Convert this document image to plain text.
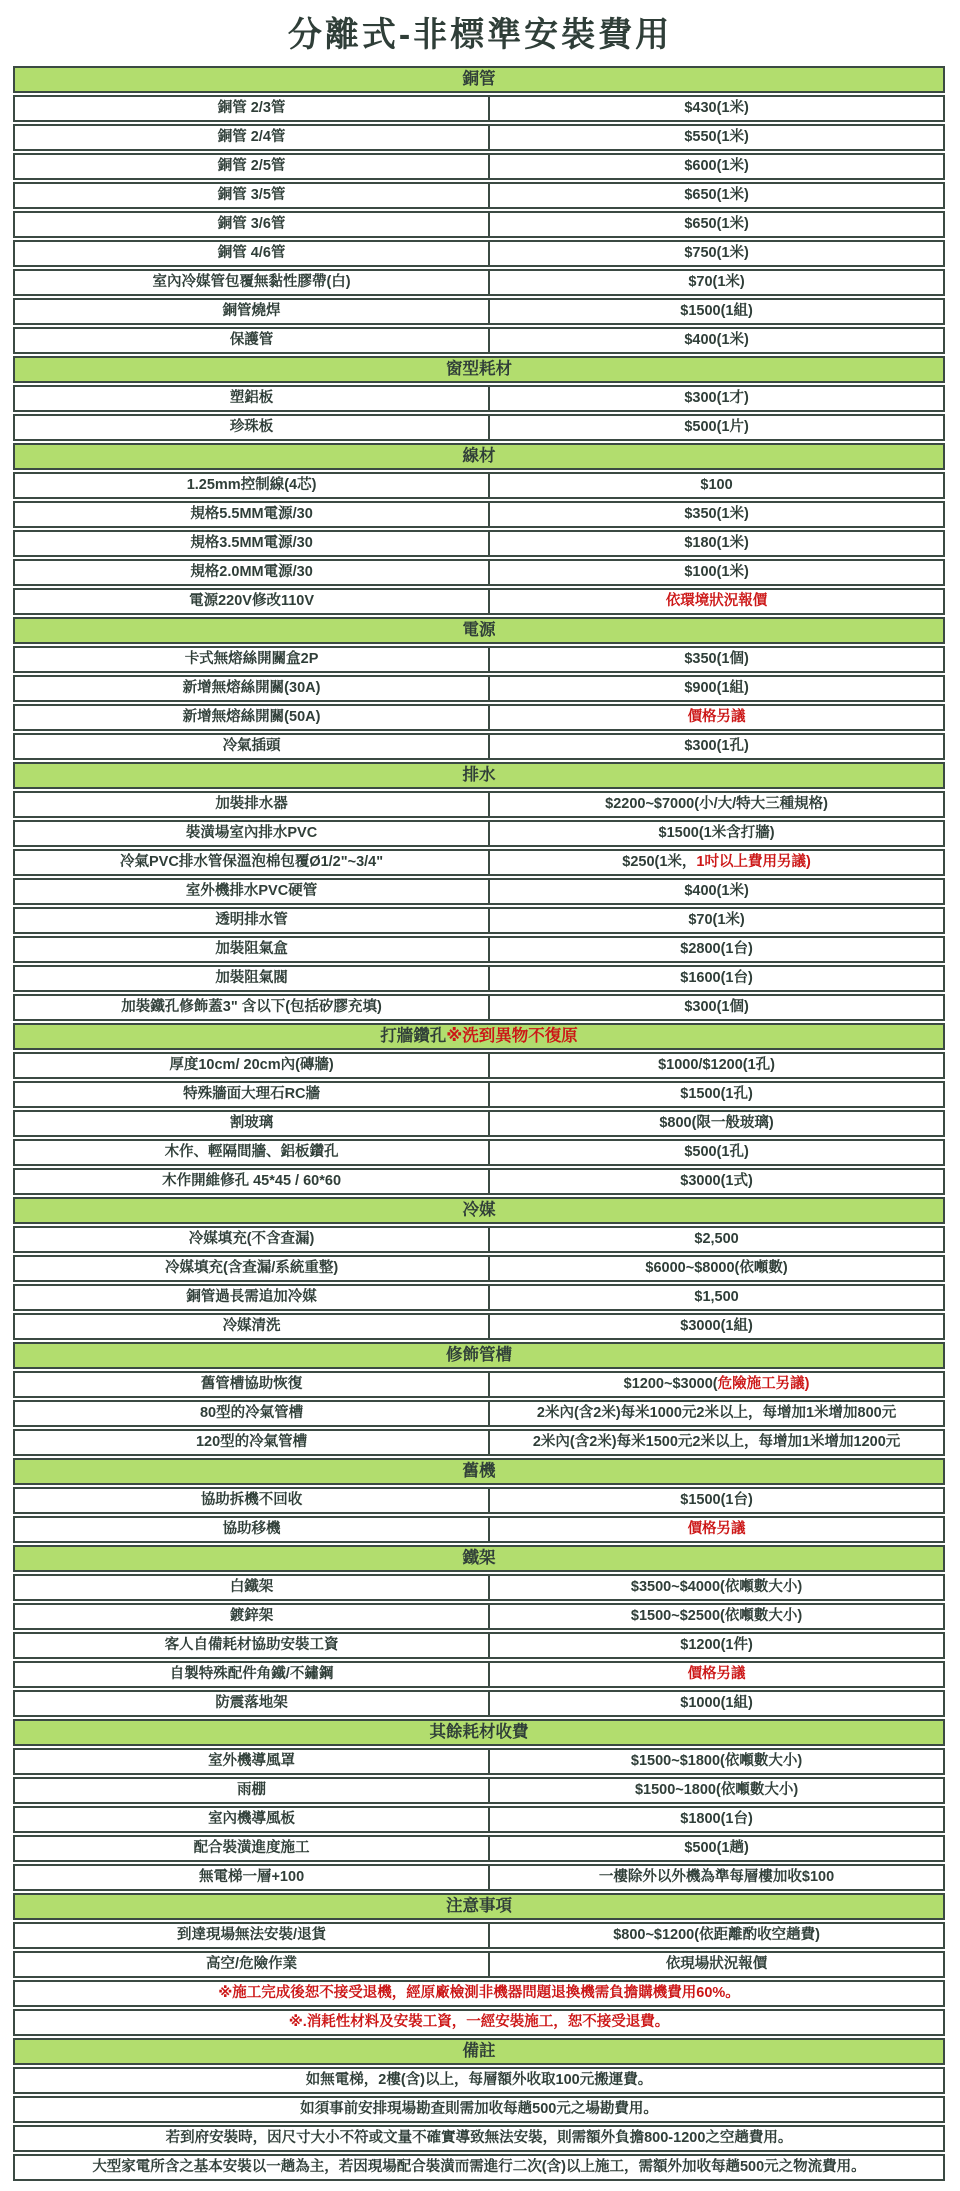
分離式-非標準安裝費用
銅管
銅管 2/3管	$430(1米)
銅管 2/4管	$550(1米)
銅管 2/5管	$600(1米)
銅管 3/5管	$650(1米)
銅管 3/6管	$650(1米)
銅管 4/6管	$750(1米)
室內冷媒管包覆無黏性膠帶(白)	$70(1米)
銅管燒焊	$1500(1組)
保護管	$400(1米)
窗型耗材
塑鋁板	$300(1才)
珍珠板	$500(1片)
線材
1.25mm控制線(4芯)	$100
規格5.5MM電源/30	$350(1米)
規格3.5MM電源/30	$180(1米)
規格2.0MM電源/30	$100(1米)
電源220V修改110V	依環境狀況報價
電源
卡式無熔絲開關盒2P	$350(1個)
新增無熔絲開關(30A)	$900(1組)
新增無熔絲開關(50A)	價格另議
冷氣插頭	$300(1孔)
排水
加裝排水器	$2200~$7000(小/大/特大三種規格)
裝潢場室內排水PVC	$1500(1米含打牆)
冷氣PVC排水管保溫泡棉包覆Ø1/2"~3/4"	$250(1米， 1吋以上費用另議 )
室外機排水PVC硬管	$400(1米)
透明排水管	$70(1米)
加裝阻氣盒	$2800(1台)
加裝阻氣閥	$1600(1台)
加裝鐵孔修飾蓋3" 含以下(包括矽膠充填)	$300(1個)
打牆鑽孔 ※洗到異物不復原
厚度10cm/ 20cm內(磚牆)	$1000/$1200(1孔)
特殊牆面大理石RC牆	$1500(1孔)
割玻璃	$800(限一般玻璃)
木作、輕隔間牆、鋁板鑽孔	$500(1孔)
木作開維修孔 45*45 / 60*60	$3000(1式)
冷媒
冷媒填充(不含查漏)	$2,500
冷媒填充(含查漏/系統重整)	$6000~$8000(依噸數)
銅管過長需追加冷媒	$1,500
冷媒清洗	$3000(1組)
修飾管槽
舊管槽協助恢復	$1200~$3000( 危險施工另議)
80型的冷氣管槽	2米內(含2米)每米1000元2米以上，每增加1米增加800元
120型的冷氣管槽	2米內(含2米)每米1500元2米以上，每增加1米增加1200元
舊機
協助拆機不回收	$1500(1台)
協助移機	價格另議
鐵架
白鐵架	$3500~$4000(依噸數大小)
鍍鋅架	$1500~$2500(依噸數大小)
客人自備耗材協助安裝工資	$1200(1件)
自製特殊配件角鐵/不鏽鋼	價格另議
防震落地架	$1000(1組)
其餘耗材收費
室外機導風罩	$1500~$1800(依噸數大小)
雨棚	$1500~1800(依噸數大小)
室內機導風板	$1800(1台)
配合裝潢進度施工	$500(1趟)
無電梯一層+100	一樓除外以外機為準每層樓加收$100
注意事項
到達現場無法安裝/退貨	$800~$1200(依距離酌收空趟費)
高空/危險作業	依現場狀況報價
※施工完成後恕不接受退機，經原廠檢測非機器問題退換機需負擔購機費用60%。
※.消耗性材料及安裝工資，一經安裝施工，恕不接受退費。
備註
如無電梯，2樓(含)以上，每層額外收取100元搬運費。
如須事前安排現場勘查則需加收每趟500元之場勘費用。
若到府安裝時，因尺寸大小不符或文量不確實導致無法安裝，則需額外負擔800-1200之空趟費用。
大型家電所含之基本安裝以一趟為主，若因現場配合裝潢而需進行二次(含)以上施工，需額外加收每趟500元之物流費用。
